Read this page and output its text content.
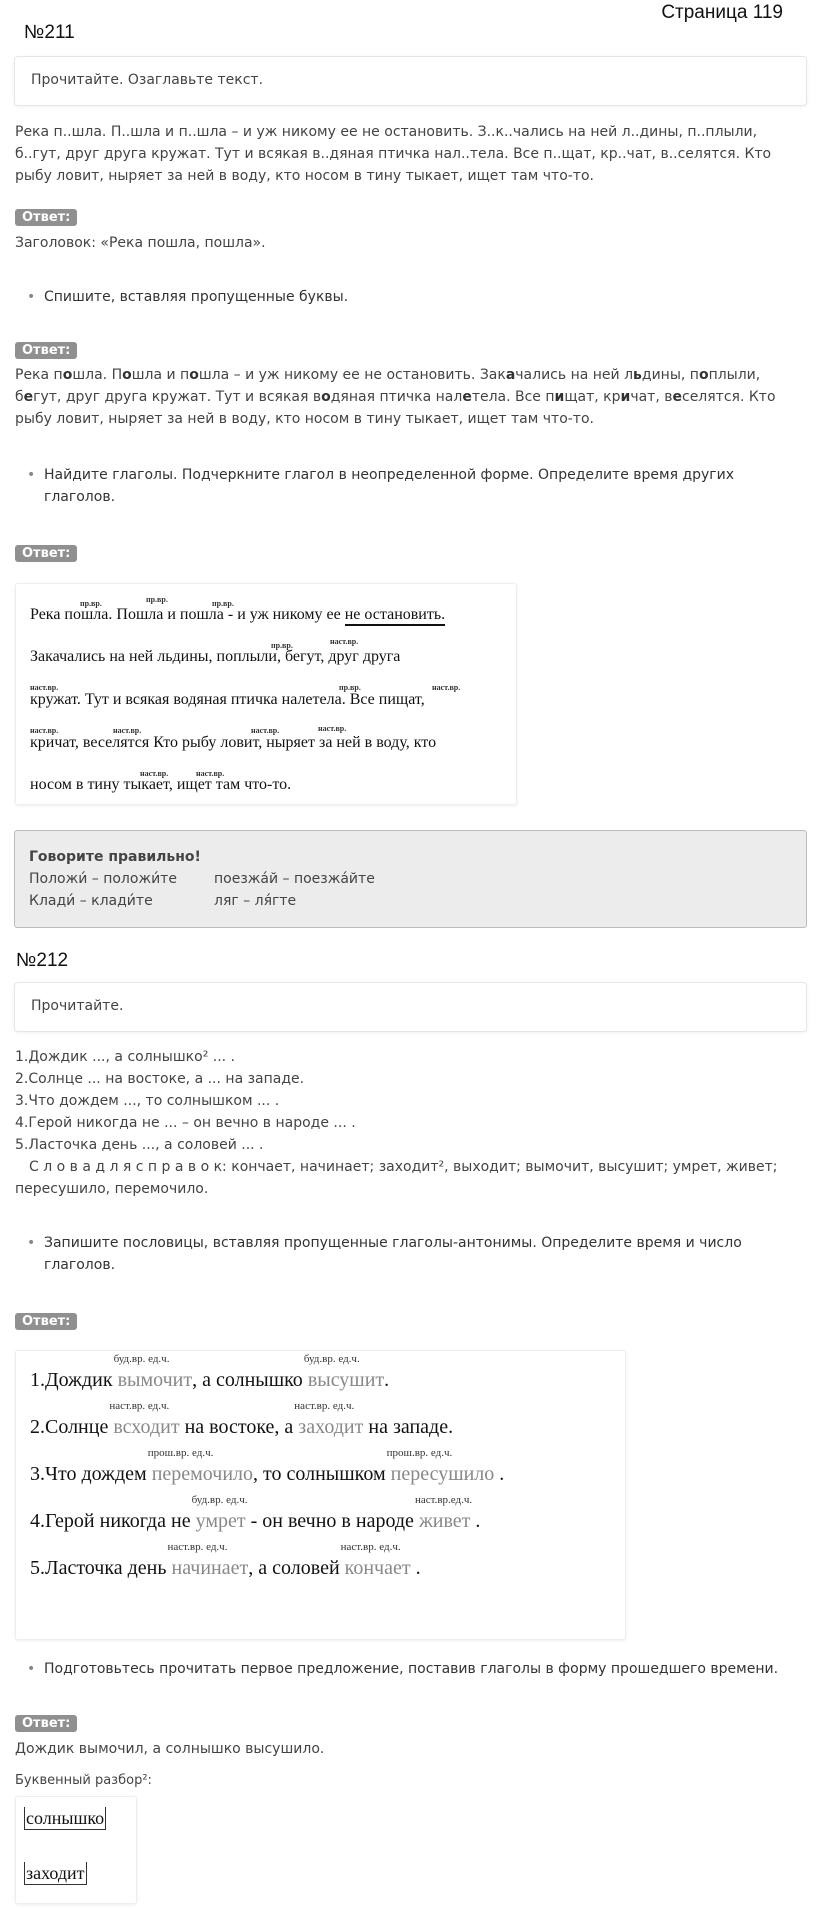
Страница 119
№211
Прочитайте. Озаглавьте текст.
Река п..шла. П..шла и п..шла – и уж никому ее не остановить. З..к..чались на ней л..дины, п..плыли, б..гут, друг друга кружат. Тут и всякая в..дяная птичка нал..тела. Все п..щат, кр..чат, в..селятся. Кто рыбу ловит, ныряет за ней в воду, кто носом в тину тыкает, ищет там что-то.
Ответ:
Заголовок: «Река пошла, пошла».
• Спишите, вставляя пропущенные буквы.
Ответ:
Река пошла. Пошла и пошла – и уж никому ее не остановить. Закачались на ней льдины, поплыли, бегут, друг друга кружат. Тут и всякая водяная птичка налетела. Все пищат, кричат, веселятся. Кто рыбу ловит, ныряет за ней в воду, кто носом в тину тыкает, ищет там что-то.
• Найдите глаголы. Подчеркните глагол в неопределенной форме. Определите время других глаголов.
Ответ:
Река пошла. Пошла и пошла - и уж никому ее не остановить.
Закачались на ней льдины, поплыли, бегут, друг друга
кружат. Тут и всякая водяная птичка налетела. Все пищат,
кричат, веселятся Кто рыбу ловит, ныряет за ней в воду, кто
носом в тину тыкает, ищет там что-то.
пр.вр.	пр.вр.	пр.вр.
пр.вр.	наст.вр.
наст.вр.	пр.вр.	наст.вр.
наст.вр.	наст.вр.	наст.вр.	наст.вр.
наст.вр.	наст.вр.
Говорите правильно!
Положи́ – положи́те	поезжа́й – поезжа́йте
Клади́ – клади́те	ляг – ля́гте
№212
Прочитайте.
1.Дождик ..., а солнышко² ... .
2.Солнце ... на востоке, а ... на западе.
3.Что дождем ..., то солнышком ... .
4.Герой никогда не ... – он вечно в народе ... .
5.Ласточка день ..., а соловей ... .
С л о в а д л я с п р а в о к: кончает, начинает; заходит², выходит; вымочит, высушит; умрет, живет; пересушило, перемочило.
• Запишите пословицы, вставляя пропущенные глаголы-антонимы. Определите время и число глаголов.
Ответ:
1.Дождик вымочит
буд.вр. ед.ч.
, а солнышко высушит
буд.вр. ед.ч.
.
2.Солнце всходит
наст.вр. ед.ч.
на востоке, а заходит
наст.вр. ед.ч.
на западе.
3.Что дождем перемочило
прош.вр. ед.ч.
, то солнышком пересушило
прош.вр. ед.ч.
.
4.Герой никогда не умрет
буд.вр. ед.ч.
- он вечно в народе живет
наст.вр.ед.ч.
.
5.Ласточка день начинает
наст.вр. ед.ч.
, а соловей кончает
наст.вр. ед.ч.
.
• Подготовьтесь прочитать первое предложение, поставив глаголы в форму прошедшего времени.
Ответ:
Дождик вымочил, а солнышко высушило.
Буквенный разбор²:
солнышко
заходит
